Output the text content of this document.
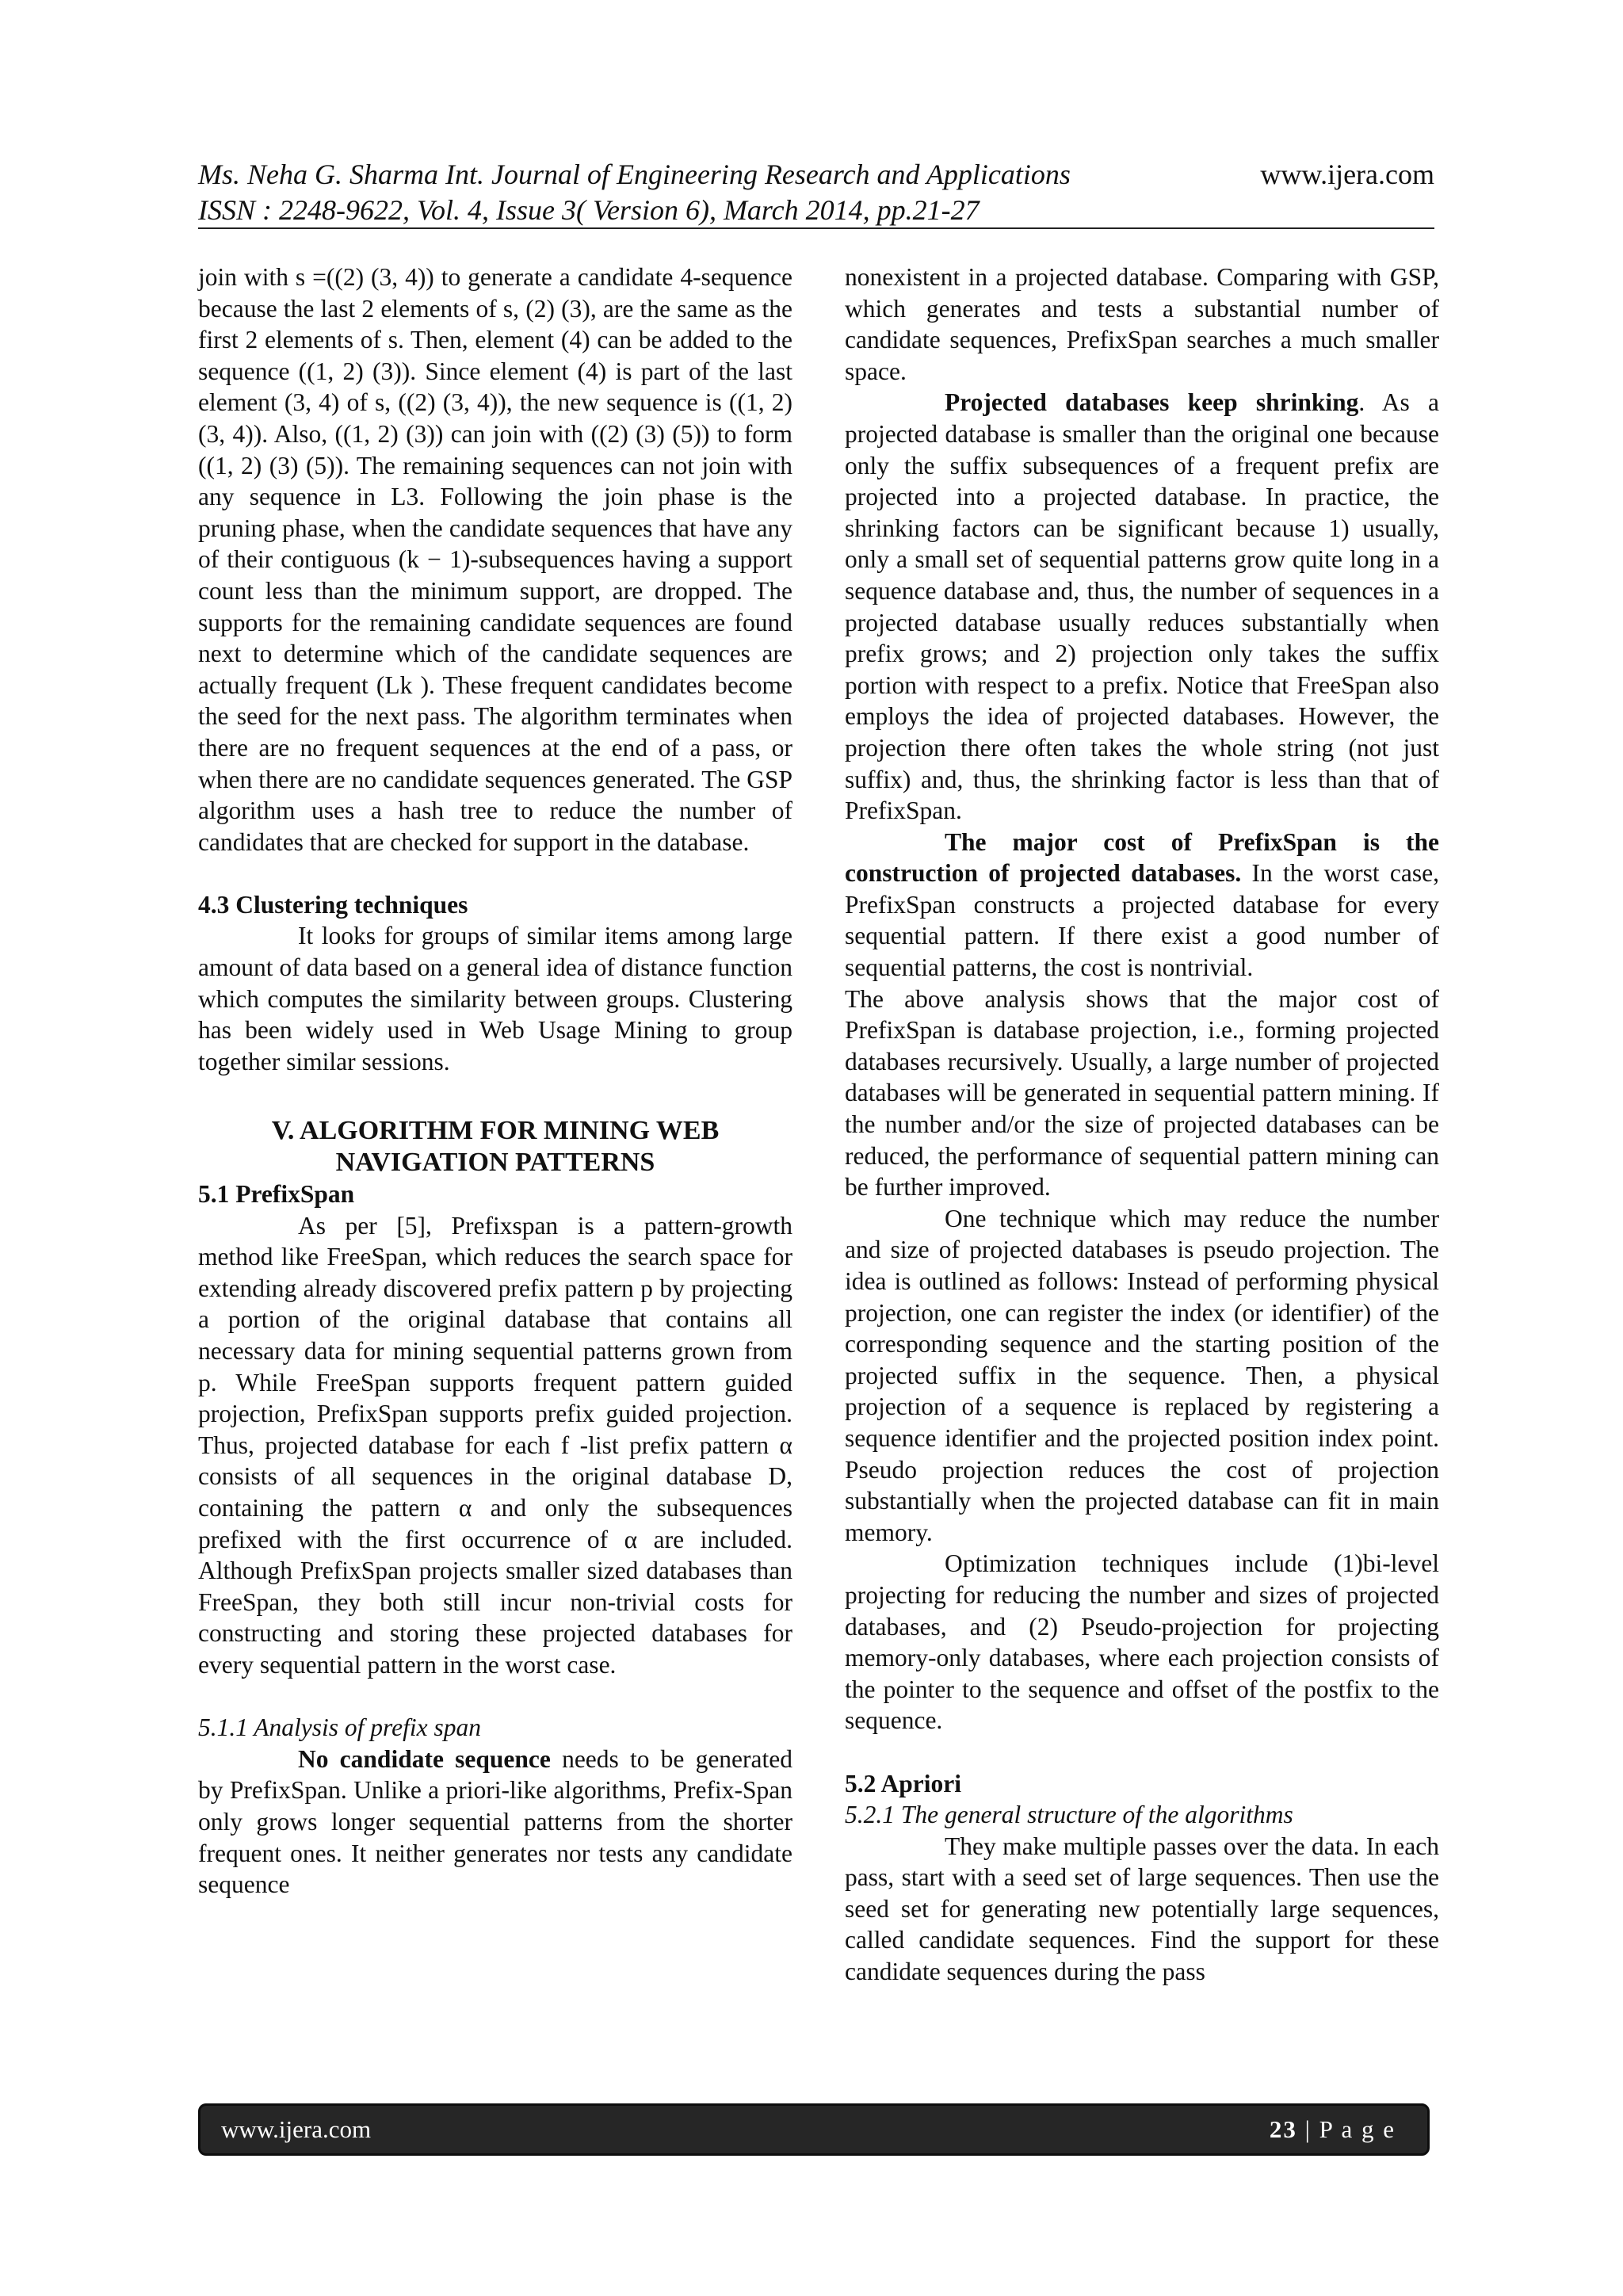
Ms. Neha G. Sharma Int. Journal of Engineering Research and Applications
ISSN : 2248-9622, Vol. 4, Issue 3( Version 6), March 2014, pp.21-27
www.ijera.com

join with s =((2) (3, 4)) to generate a candidate 4-sequence because the last 2 elements of s, (2) (3), are the same as the first 2 elements of s. Then, element (4) can be added to the sequence ((1, 2) (3)). Since element (4) is part of the last element (3, 4) of s, ((2) (3, 4)), the new sequence is ((1, 2) (3, 4)). Also, ((1, 2) (3)) can join with ((2) (3) (5)) to form ((1, 2) (3) (5)). The remaining sequences can not join with any sequence in L3. Following the join phase is the pruning phase, when the candidate sequences that have any of their contiguous (k − 1)-subsequences having a support count less than the minimum support, are dropped. The supports for the remaining candidate sequences are found next to determine which of the candidate sequences are actually frequent (Lk ). These frequent candidates become the seed for the next pass. The algorithm terminates when there are no frequent sequences at the end of a pass, or when there are no candidate sequences generated. The GSP algorithm uses a hash tree to reduce the number of candidates that are checked for support in the database.

4.3 Clustering techniques

It looks for groups of similar items among large amount of data based on a general idea of distance function which computes the similarity between groups. Clustering has been widely used in Web Usage Mining to group together similar sessions.

V. ALGORITHM FOR MINING WEB
NAVIGATION PATTERNS

5.1 PrefixSpan

As per [5], Prefixspan is a pattern-growth method like FreeSpan, which reduces the search space for extending already discovered prefix pattern p by projecting a portion of the original database that contains all necessary data for mining sequential patterns grown from p. While FreeSpan supports frequent pattern guided projection, PrefixSpan supports prefix guided projection. Thus, projected database for each f -list prefix pattern α consists of all sequences in the original database D, containing the pattern α and only the subsequences prefixed with the first occurrence of α are included. Although PrefixSpan projects smaller sized databases than FreeSpan, they both still incur non-trivial costs for constructing and storing these projected databases for every sequential pattern in the worst case.

5.1.1 Analysis of prefix span

No candidate sequence needs to be generated by PrefixSpan. Unlike a priori-like algorithms, Prefix-Span only grows longer sequential patterns from the shorter frequent ones. It neither generates nor tests any candidate sequence

nonexistent in a projected database. Comparing with GSP, which generates and tests a substantial number of candidate sequences, PrefixSpan searches a much smaller space.

Projected databases keep shrinking. As a projected database is smaller than the original one because only the suffix subsequences of a frequent prefix are projected into a projected database. In practice, the shrinking factors can be significant because 1) usually, only a small set of sequential patterns grow quite long in a sequence database and, thus, the number of sequences in a projected database usually reduces substantially when prefix grows; and 2) projection only takes the suffix portion with respect to a prefix. Notice that FreeSpan also employs the idea of projected databases. However, the projection there often takes the whole string (not just suffix) and, thus, the shrinking factor is less than that of PrefixSpan.

The major cost of PrefixSpan is the construction of projected databases. In the worst case, PrefixSpan constructs a projected database for every sequential pattern. If there exist a good number of sequential patterns, the cost is nontrivial.

The above analysis shows that the major cost of PrefixSpan is database projection, i.e., forming projected databases recursively. Usually, a large number of projected databases will be generated in sequential pattern mining. If the number and/or the size of projected databases can be reduced, the performance of sequential pattern mining can be further improved.

One technique which may reduce the number and size of projected databases is pseudo projection. The idea is outlined as follows: Instead of performing physical projection, one can register the index (or identifier) of the corresponding sequence and the starting position of the projected suffix in the sequence. Then, a physical projection of a sequence is replaced by registering a sequence identifier and the projected position index point. Pseudo projection reduces the cost of projection substantially when the projected database can fit in main memory.

Optimization techniques include (1)bi-level projecting for reducing the number and sizes of projected databases, and (2) Pseudo-projection for projecting memory-only databases, where each projection consists of the pointer to the sequence and offset of the postfix to the sequence.

5.2 Apriori

5.2.1 The general structure of the algorithms

They make multiple passes over the data. In each pass, start with a seed set of large sequences. Then use the seed set for generating new potentially large sequences, called candidate sequences. Find the support for these candidate sequences during the pass

www.ijera.com	23 | P a g e
